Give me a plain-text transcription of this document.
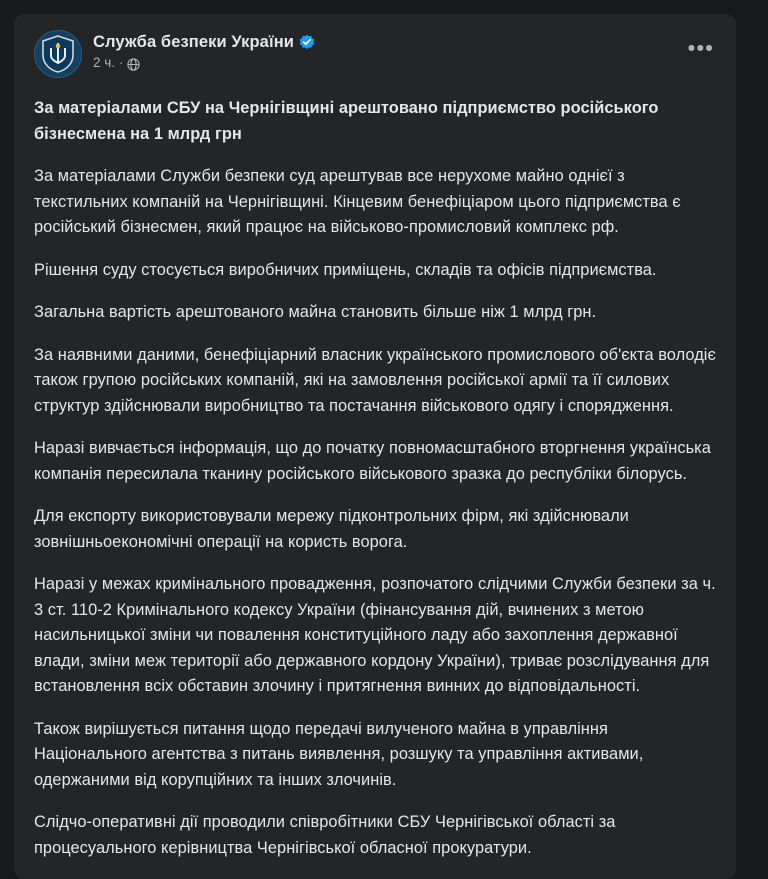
Служба безпеки України
2 ч. ·
•••

За матеріалами СБУ на Чернігівщині арештовано підприємство російського бізнесмена на 1 млрд грн

За матеріалами Служби безпеки суд арештував все нерухоме майно однієї з текстильних компаній на Чернігівщині. Кінцевим бенефіціаром цього підприємства є російський бізнесмен, який працює на військово-промисловий комплекс рф.

Рішення суду стосується виробничих приміщень, складів та офісів підприємства.

Загальна вартість арештованого майна становить більше ніж 1 млрд грн.

За наявними даними, бенефіціарний власник українського промислового об'єкта володіє також групою російських компаній, які на замовлення російської армії та її силових структур здійснювали виробництво та постачання військового одягу і спорядження.

Наразі вивчається інформація, що до початку повномасштабного вторгнення українська компанія пересилала тканину російського військового зразка до республіки білорусь.

Для експорту використовували мережу підконтрольних фірм, які здійснювали зовнішньоекономічні операції на користь ворога.

Наразі у межах кримінального провадження, розпочатого слідчими Служби безпеки за ч. 3 ст. 110-2 Кримінального кодексу України (фінансування дій, вчинених з метою насильницької зміни чи повалення конституційного ладу або захоплення державної влади, зміни меж території або державного кордону України), триває розслідування для встановлення всіх обставин злочину і притягнення винних до відповідальності.

Також вирішується питання щодо передачі вилученого майна в управління Національного агентства з питань виявлення, розшуку та управління активами, одержаними від корупційних та інших злочинів.

Слідчо-оперативні дії проводили співробітники СБУ Чернігівської області за процесуального керівництва Чернігівської обласної прокуратури.
